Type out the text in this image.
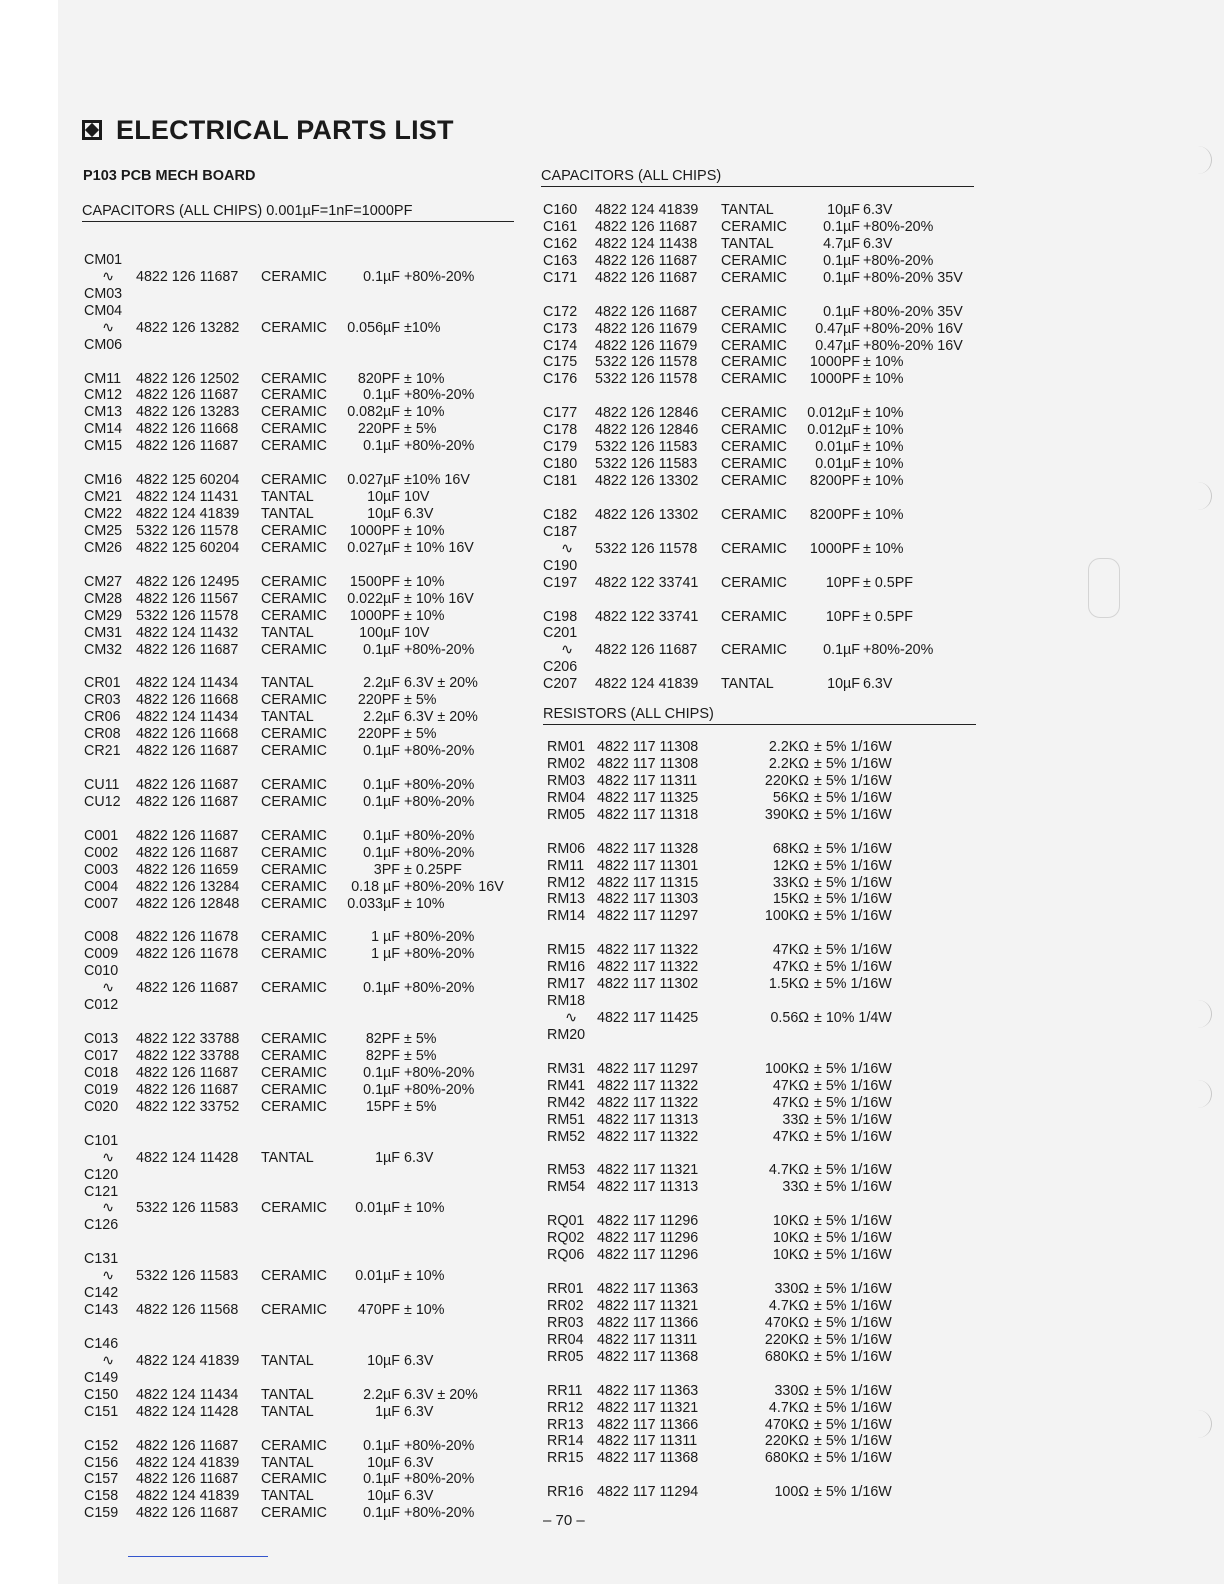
ELECTRICAL PARTS LIST
P103 PCB MECH BOARD
CAPACITORS (ALL CHIPS) 0.001µF=1nF=1000PF
CM01
∿ 4822 126 11687 CERAMIC	0.1µF +80%-20%
CM03
CM04
∿ 4822 126 13282 CERAMIC	0.056µF ±10%
CM06
CM11 4822 126 12502 CERAMIC	820PF ± 10%
CM12 4822 126 11687 CERAMIC	0.1µF +80%-20%
CM13 4822 126 13283 CERAMIC	0.082µF ± 10%
CM14 4822 126 11668 CERAMIC	220PF ± 5%
CM15 4822 126 11687 CERAMIC	0.1µF +80%-20%
CM16 4822 125 60204 CERAMIC	0.027µF ±10% 16V
CM21 4822 124 11431 TANTAL	10µF 10V
CM22 4822 124 41839 TANTAL	10µF 6.3V
CM25 5322 126 11578 CERAMIC	1000PF ± 10%
CM26 4822 125 60204 CERAMIC	0.027µF ± 10% 16V
CM27 4822 126 12495 CERAMIC	1500PF ± 10%
CM28 4822 126 11567 CERAMIC	0.022µF ± 10% 16V
CM29 5322 126 11578 CERAMIC	1000PF ± 10%
CM31 4822 124 11432 TANTAL	100µF 10V
CM32 4822 126 11687 CERAMIC	0.1µF +80%-20%
CR01 4822 124 11434 TANTAL	2.2µF 6.3V ± 20%
CR03 4822 126 11668 CERAMIC	220PF ± 5%
CR06 4822 124 11434 TANTAL	2.2µF 6.3V ± 20%
CR08 4822 126 11668 CERAMIC	220PF ± 5%
CR21 4822 126 11687 CERAMIC	0.1µF +80%-20%
CU11 4822 126 11687 CERAMIC	0.1µF +80%-20%
CU12 4822 126 11687 CERAMIC	0.1µF +80%-20%
C001 4822 126 11687 CERAMIC	0.1µF +80%-20%
C002 4822 126 11687 CERAMIC	0.1µF +80%-20%
C003 4822 126 11659 CERAMIC	3PF ± 0.25PF
C004 4822 126 13284 CERAMIC	0.18 µF +80%-20% 16V
C007 4822 126 12848 CERAMIC	0.033µF ± 10%
C008 4822 126 11678 CERAMIC	1 µF +80%-20%
C009 4822 126 11678 CERAMIC	1 µF +80%-20%
C010
∿ 4822 126 11687 CERAMIC	0.1µF +80%-20%
C012
C013 4822 122 33788 CERAMIC	82PF ± 5%
C017 4822 122 33788 CERAMIC	82PF ± 5%
C018 4822 126 11687 CERAMIC	0.1µF +80%-20%
C019 4822 126 11687 CERAMIC	0.1µF +80%-20%
C020 4822 122 33752 CERAMIC	15PF ± 5%
C101
∿ 4822 124 11428 TANTAL	1µF 6.3V
C120
C121
∿ 5322 126 11583 CERAMIC	0.01µF ± 10%
C126
C131
∿ 5322 126 11583 CERAMIC	0.01µF ± 10%
C142
C143 4822 126 11568 CERAMIC	470PF ± 10%
C146
∿ 4822 124 41839 TANTAL	10µF 6.3V
C149
C150 4822 124 11434 TANTAL	2.2µF 6.3V ± 20%
C151 4822 124 11428 TANTAL	1µF 6.3V
C152 4822 126 11687 CERAMIC	0.1µF +80%-20%
C156 4822 124 41839 TANTAL	10µF 6.3V
C157 4822 126 11687 CERAMIC	0.1µF +80%-20%
C158 4822 124 41839 TANTAL	10µF 6.3V
C159 4822 126 11687 CERAMIC	0.1µF +80%-20%
CAPACITORS (ALL CHIPS)
C160 4822 124 41839 TANTAL	10µF 6.3V
C161 4822 126 11687 CERAMIC	0.1µF +80%-20%
C162 4822 124 11438 TANTAL	4.7µF 6.3V
C163 4822 126 11687 CERAMIC	0.1µF +80%-20%
C171 4822 126 11687 CERAMIC	0.1µF +80%-20% 35V
C172 4822 126 11687 CERAMIC	0.1µF +80%-20% 35V
C173 4822 126 11679 CERAMIC	0.47µF +80%-20% 16V
C174 4822 126 11679 CERAMIC	0.47µF +80%-20% 16V
C175 5322 126 11578 CERAMIC	1000PF ± 10%
C176 5322 126 11578 CERAMIC	1000PF ± 10%
C177 4822 126 12846 CERAMIC	0.012µF ± 10%
C178 4822 126 12846 CERAMIC	0.012µF ± 10%
C179 5322 126 11583 CERAMIC	0.01µF ± 10%
C180 5322 126 11583 CERAMIC	0.01µF ± 10%
C181 4822 126 13302 CERAMIC	8200PF ± 10%
C182 4822 126 13302 CERAMIC	8200PF ± 10%
C187
∿ 5322 126 11578 CERAMIC	1000PF ± 10%
C190
C197 4822 122 33741 CERAMIC	10PF ± 0.5PF
C198 4822 122 33741 CERAMIC	10PF ± 0.5PF
C201
∿ 4822 126 11687 CERAMIC	0.1µF +80%-20%
C206
C207 4822 124 41839 TANTAL	10µF 6.3V
RESISTORS (ALL CHIPS)
RM01 4822 117 11308	2.2KΩ ± 5% 1/16W
RM02 4822 117 11308	2.2KΩ ± 5% 1/16W
RM03 4822 117 11311	220KΩ ± 5% 1/16W
RM04 4822 117 11325	56KΩ ± 5% 1/16W
RM05 4822 117 11318	390KΩ ± 5% 1/16W
RM06 4822 117 11328	68KΩ ± 5% 1/16W
RM11 4822 117 11301	12KΩ ± 5% 1/16W
RM12 4822 117 11315	33KΩ ± 5% 1/16W
RM13 4822 117 11303	15KΩ ± 5% 1/16W
RM14 4822 117 11297	100KΩ ± 5% 1/16W
RM15 4822 117 11322	47KΩ ± 5% 1/16W
RM16 4822 117 11322	47KΩ ± 5% 1/16W
RM17 4822 117 11302	1.5KΩ ± 5% 1/16W
RM18
∿ 4822 117 11425	0.56Ω ± 10% 1/4W
RM20
RM31 4822 117 11297	100KΩ ± 5% 1/16W
RM41 4822 117 11322	47KΩ ± 5% 1/16W
RM42 4822 117 11322	47KΩ ± 5% 1/16W
RM51 4822 117 11313	33Ω ± 5% 1/16W
RM52 4822 117 11322	47KΩ ± 5% 1/16W
RM53 4822 117 11321	4.7KΩ ± 5% 1/16W
RM54 4822 117 11313	33Ω ± 5% 1/16W
RQ01 4822 117 11296	10KΩ ± 5% 1/16W
RQ02 4822 117 11296	10KΩ ± 5% 1/16W
RQ06 4822 117 11296	10KΩ ± 5% 1/16W
RR01 4822 117 11363	330Ω ± 5% 1/16W
RR02 4822 117 11321	4.7KΩ ± 5% 1/16W
RR03 4822 117 11366	470KΩ ± 5% 1/16W
RR04 4822 117 11311	220KΩ ± 5% 1/16W
RR05 4822 117 11368	680KΩ ± 5% 1/16W
RR11 4822 117 11363	330Ω ± 5% 1/16W
RR12 4822 117 11321	4.7KΩ ± 5% 1/16W
RR13 4822 117 11366	470KΩ ± 5% 1/16W
RR14 4822 117 11311	220KΩ ± 5% 1/16W
RR15 4822 117 11368	680KΩ ± 5% 1/16W
RR16 4822 117 11294	100Ω ± 5% 1/16W
– 70 –
